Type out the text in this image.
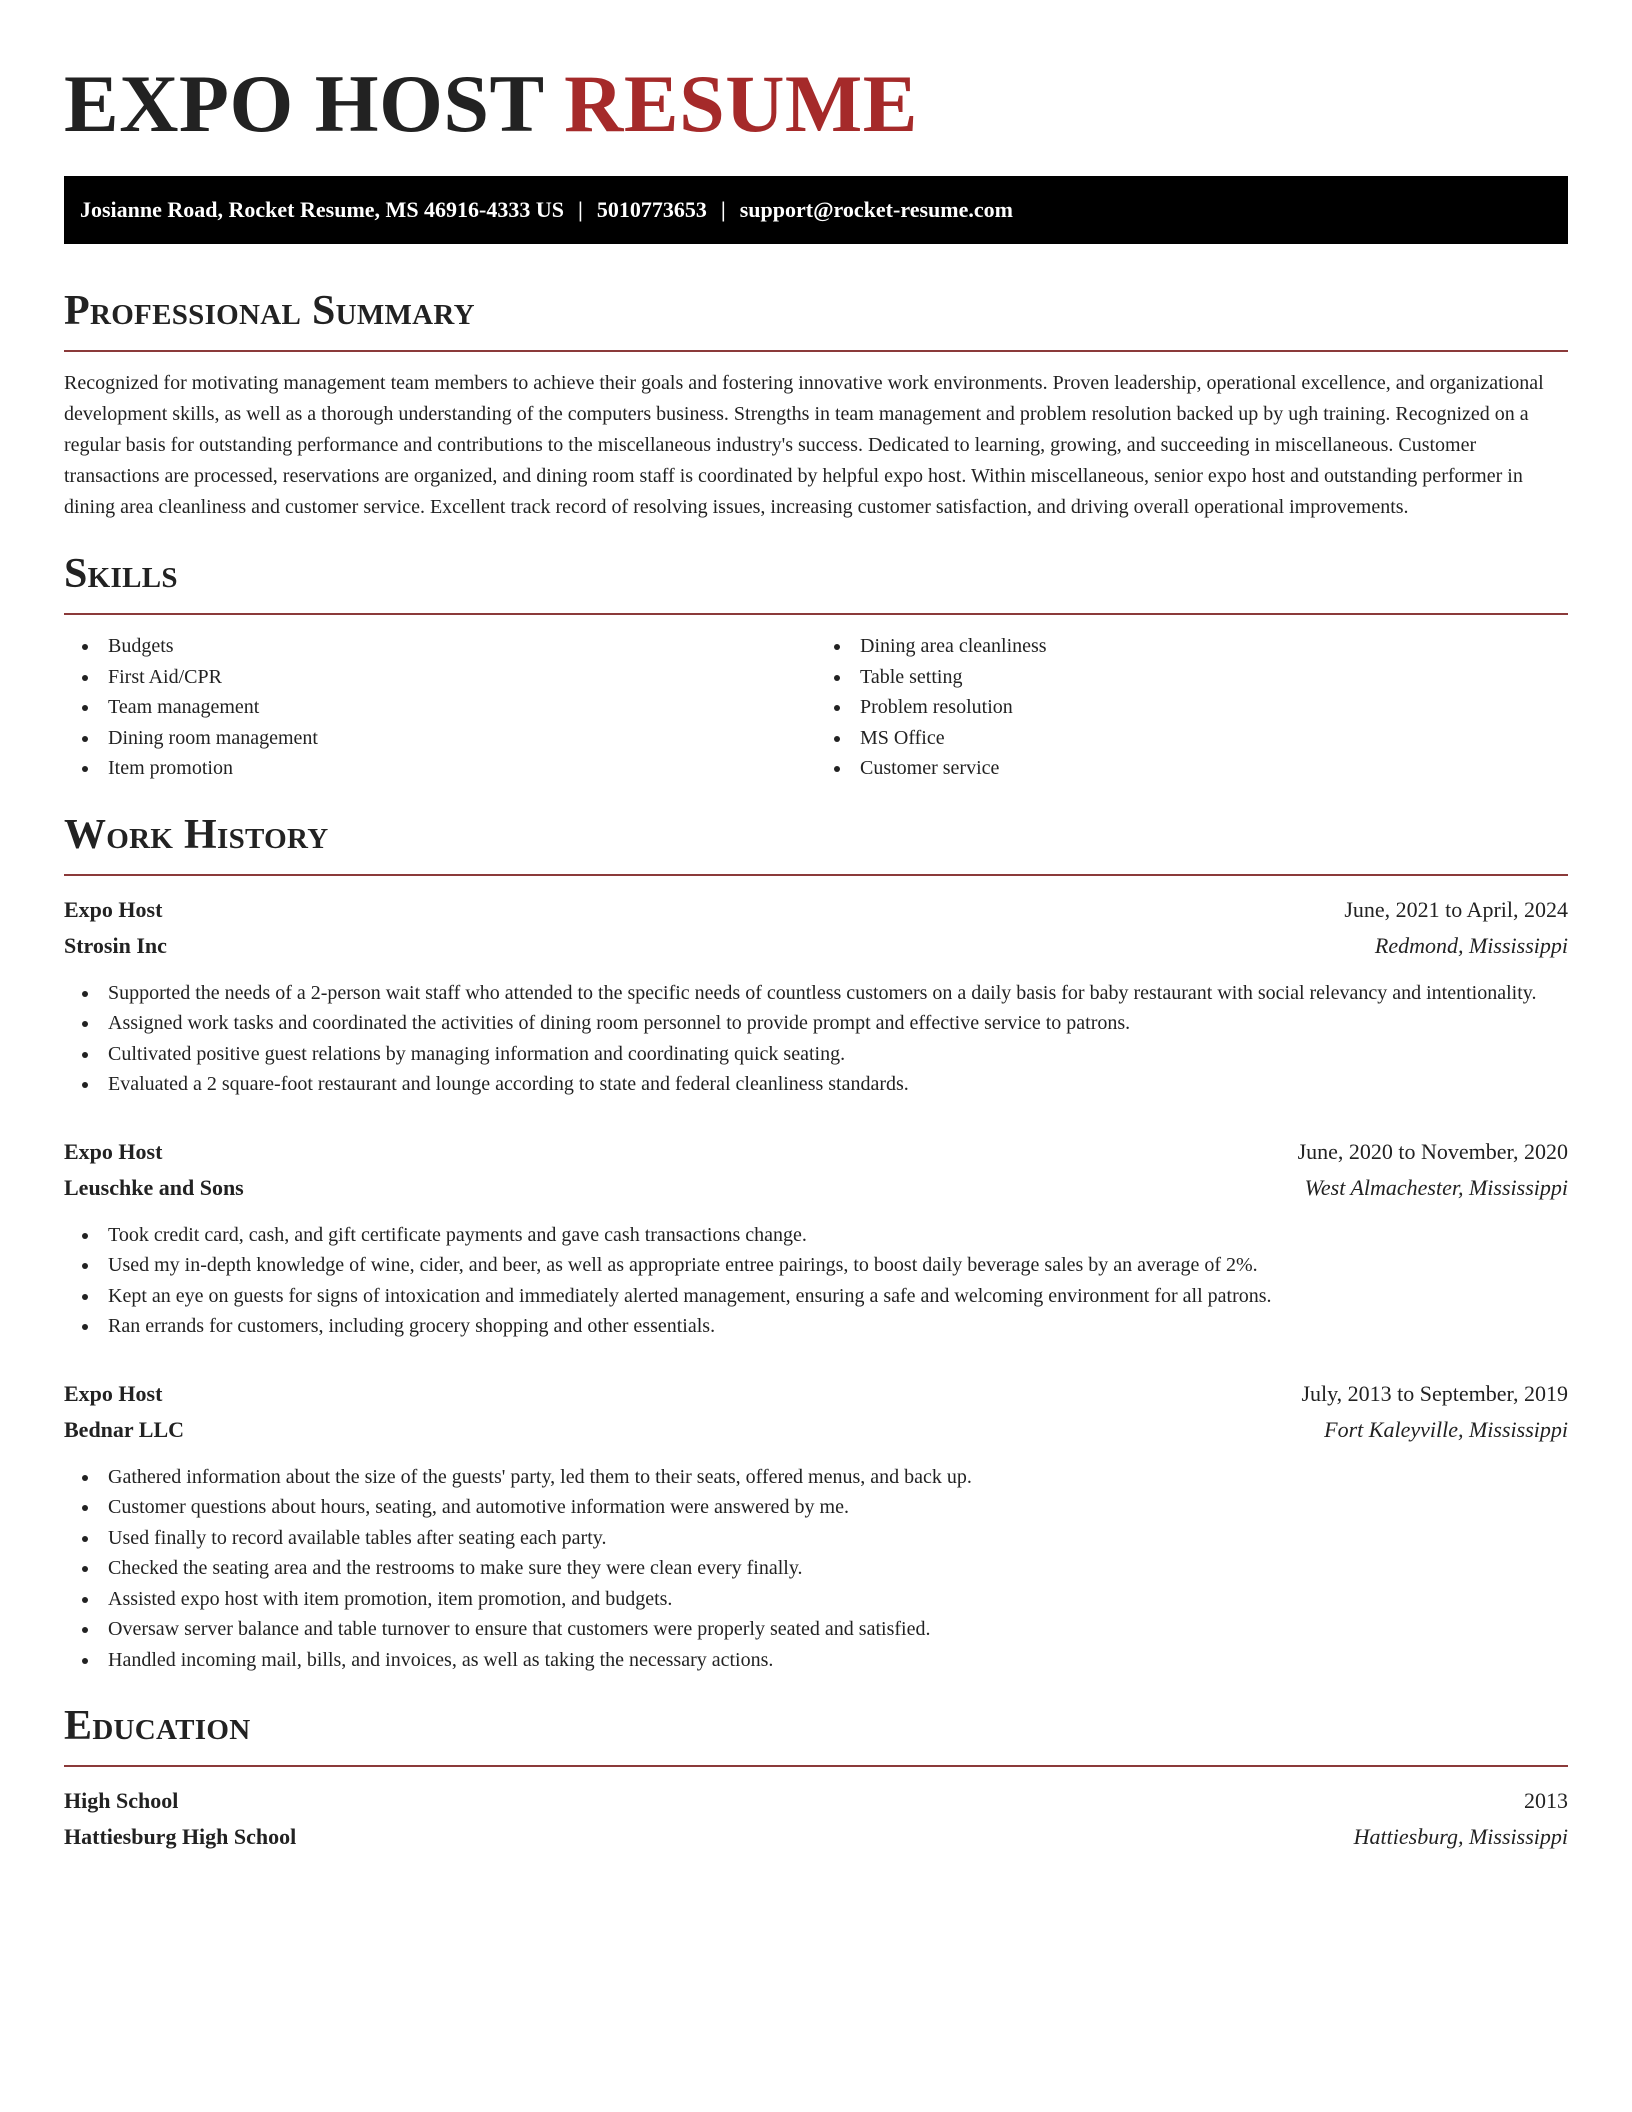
EXPO HOST RESUME
Josianne Road, Rocket Resume, MS 46916-4333 US | 5010773653 | support@rocket-resume.com
Professional Summary

Recognized for motivating management team members to achieve their goals and fostering innovative work environments. Proven leadership, operational excellence, and organizational development skills, as well as a thorough understanding of the computers business. Strengths in team management and problem resolution backed up by ugh training. Recognized on a regular basis for outstanding performance and contributions to the miscellaneous industry's success. Dedicated to learning, growing, and succeeding in miscellaneous. Customer transactions are processed, reservations are organized, and dining room staff is coordinated by helpful expo host. Within miscellaneous, senior expo host and outstanding performer in dining area cleanliness and customer service. Excellent track record of resolving issues, increasing customer satisfaction, and driving overall operational improvements.

Skills
Budgets
First Aid/CPR
Team management
Dining room management
Item promotion
Dining area cleanliness
Table setting
Problem resolution
MS Office
Customer service
Work History
Expo Host	June, 2021 to April, 2024
Strosin Inc	Redmond, Mississippi
Supported the needs of a 2-person wait staff who attended to the specific needs of countless customers on a daily basis for baby restaurant with social relevancy and intentionality.
Assigned work tasks and coordinated the activities of dining room personnel to provide prompt and effective service to patrons.
Cultivated positive guest relations by managing information and coordinating quick seating.
Evaluated a 2 square-foot restaurant and lounge according to state and federal cleanliness standards.
Expo Host	June, 2020 to November, 2020
Leuschke and Sons	West Almachester, Mississippi
Took credit card, cash, and gift certificate payments and gave cash transactions change.
Used my in-depth knowledge of wine, cider, and beer, as well as appropriate entree pairings, to boost daily beverage sales by an average of 2%.
Kept an eye on guests for signs of intoxication and immediately alerted management, ensuring a safe and welcoming environment for all patrons.
Ran errands for customers, including grocery shopping and other essentials.
Expo Host	July, 2013 to September, 2019
Bednar LLC	Fort Kaleyville, Mississippi
Gathered information about the size of the guests' party, led them to their seats, offered menus, and back up.
Customer questions about hours, seating, and automotive information were answered by me.
Used finally to record available tables after seating each party.
Checked the seating area and the restrooms to make sure they were clean every finally.
Assisted expo host with item promotion, item promotion, and budgets.
Oversaw server balance and table turnover to ensure that customers were properly seated and satisfied.
Handled incoming mail, bills, and invoices, as well as taking the necessary actions.
Education
High School	2013
Hattiesburg High School	Hattiesburg, Mississippi
